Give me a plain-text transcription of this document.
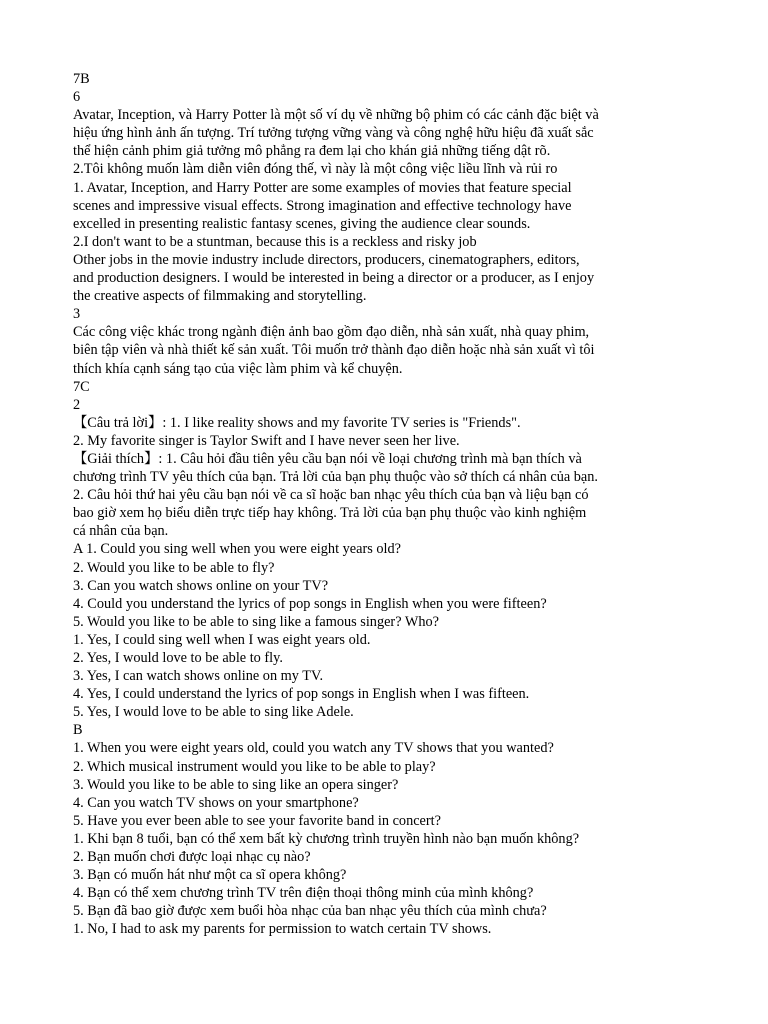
7B
6
Avatar, Inception, và Harry Potter là một số ví dụ về những bộ phim có các cảnh đặc biệt và
hiệu ứng hình ảnh ấn tượng. Trí tưởng tượng vững vàng và công nghệ hữu hiệu đã xuất sắc
thể hiện cảnh phim giả tưởng mô phẳng ra đem lại cho khán giả những tiếng dật rõ.
2.Tôi không muốn làm diễn viên đóng thế, vì này là một công việc liều lĩnh và rủi ro
1. Avatar, Inception, and Harry Potter are some examples of movies that feature special
scenes and impressive visual effects. Strong imagination and effective technology have
excelled in presenting realistic fantasy scenes, giving the audience clear sounds.
2.I don't want to be a stuntman, because this is a reckless and risky job
Other jobs in the movie industry include directors, producers, cinematographers, editors,
and production designers. I would be interested in being a director or a producer, as I enjoy
the creative aspects of filmmaking and storytelling.
3
Các công việc khác trong ngành điện ảnh bao gồm đạo diễn, nhà sản xuất, nhà quay phim,
biên tập viên và nhà thiết kế sản xuất. Tôi muốn trở thành đạo diễn hoặc nhà sản xuất vì tôi
thích khía cạnh sáng tạo của việc làm phim và kể chuyện.
7C
2
【Câu trả lời】: 1. I like reality shows and my favorite TV series is "Friends".
2. My favorite singer is Taylor Swift and I have never seen her live.
【Giải thích】: 1. Câu hỏi đầu tiên yêu cầu bạn nói về loại chương trình mà bạn thích và
chương trình TV yêu thích của bạn. Trả lời của bạn phụ thuộc vào sở thích cá nhân của bạn.
2. Câu hỏi thứ hai yêu cầu bạn nói về ca sĩ hoặc ban nhạc yêu thích của bạn và liệu bạn có
bao giờ xem họ biểu diễn trực tiếp hay không. Trả lời của bạn phụ thuộc vào kinh nghiệm
cá nhân của bạn.
A 1. Could you sing well when you were eight years old?
2. Would you like to be able to fly?
3. Can you watch shows online on your TV?
4. Could you understand the lyrics of pop songs in English when you were fifteen?
5. Would you like to be able to sing like a famous singer? Who?
1. Yes, I could sing well when I was eight years old.
2. Yes, I would love to be able to fly.
3. Yes, I can watch shows online on my TV.
4. Yes, I could understand the lyrics of pop songs in English when I was fifteen.
5. Yes, I would love to be able to sing like Adele.
B
1. When you were eight years old, could you watch any TV shows that you wanted?
2. Which musical instrument would you like to be able to play?
3. Would you like to be able to sing like an opera singer?
4. Can you watch TV shows on your smartphone?
5. Have you ever been able to see your favorite band in concert?
1. Khi bạn 8 tuổi, bạn có thể xem bất kỳ chương trình truyền hình nào bạn muốn không?
2. Bạn muốn chơi được loại nhạc cụ nào?
3. Bạn có muốn hát như một ca sĩ opera không?
4. Bạn có thể xem chương trình TV trên điện thoại thông minh của mình không?
5. Bạn đã bao giờ được xem buổi hòa nhạc của ban nhạc yêu thích của mình chưa?
1. No, I had to ask my parents for permission to watch certain TV shows.
